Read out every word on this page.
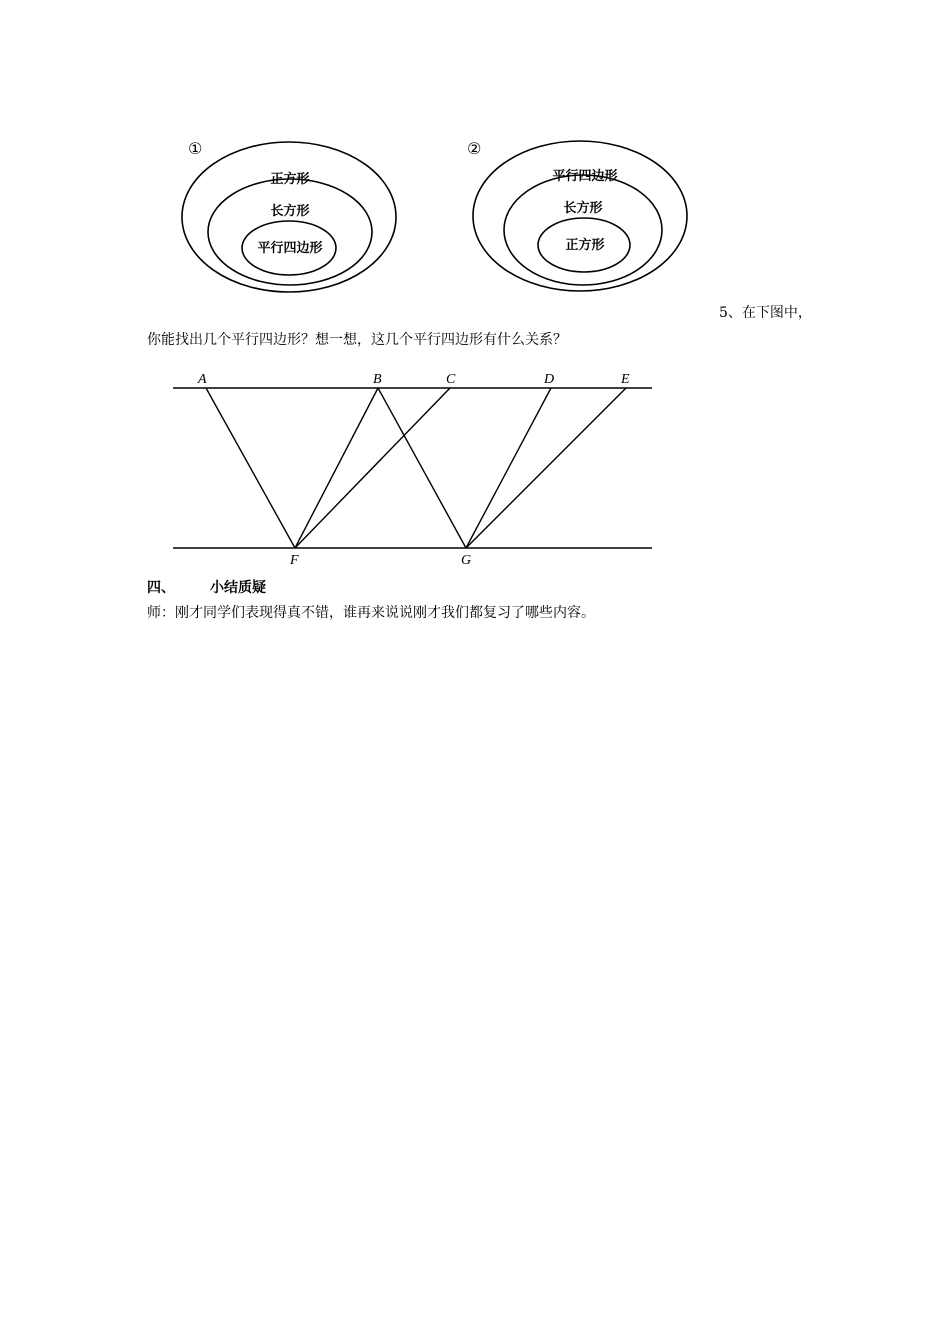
①
正方形
长方形
平行四边形
②
平行四边形
长方形
正方形
5、在下图中，
你能找出几个平行四边形？想一想，这几个平行四边形有什么关系？
A	B	C	D	E
F	G
四、	小结质疑
师：刚才同学们表现得真不错，谁再来说说刚才我们都复习了哪些内容。
